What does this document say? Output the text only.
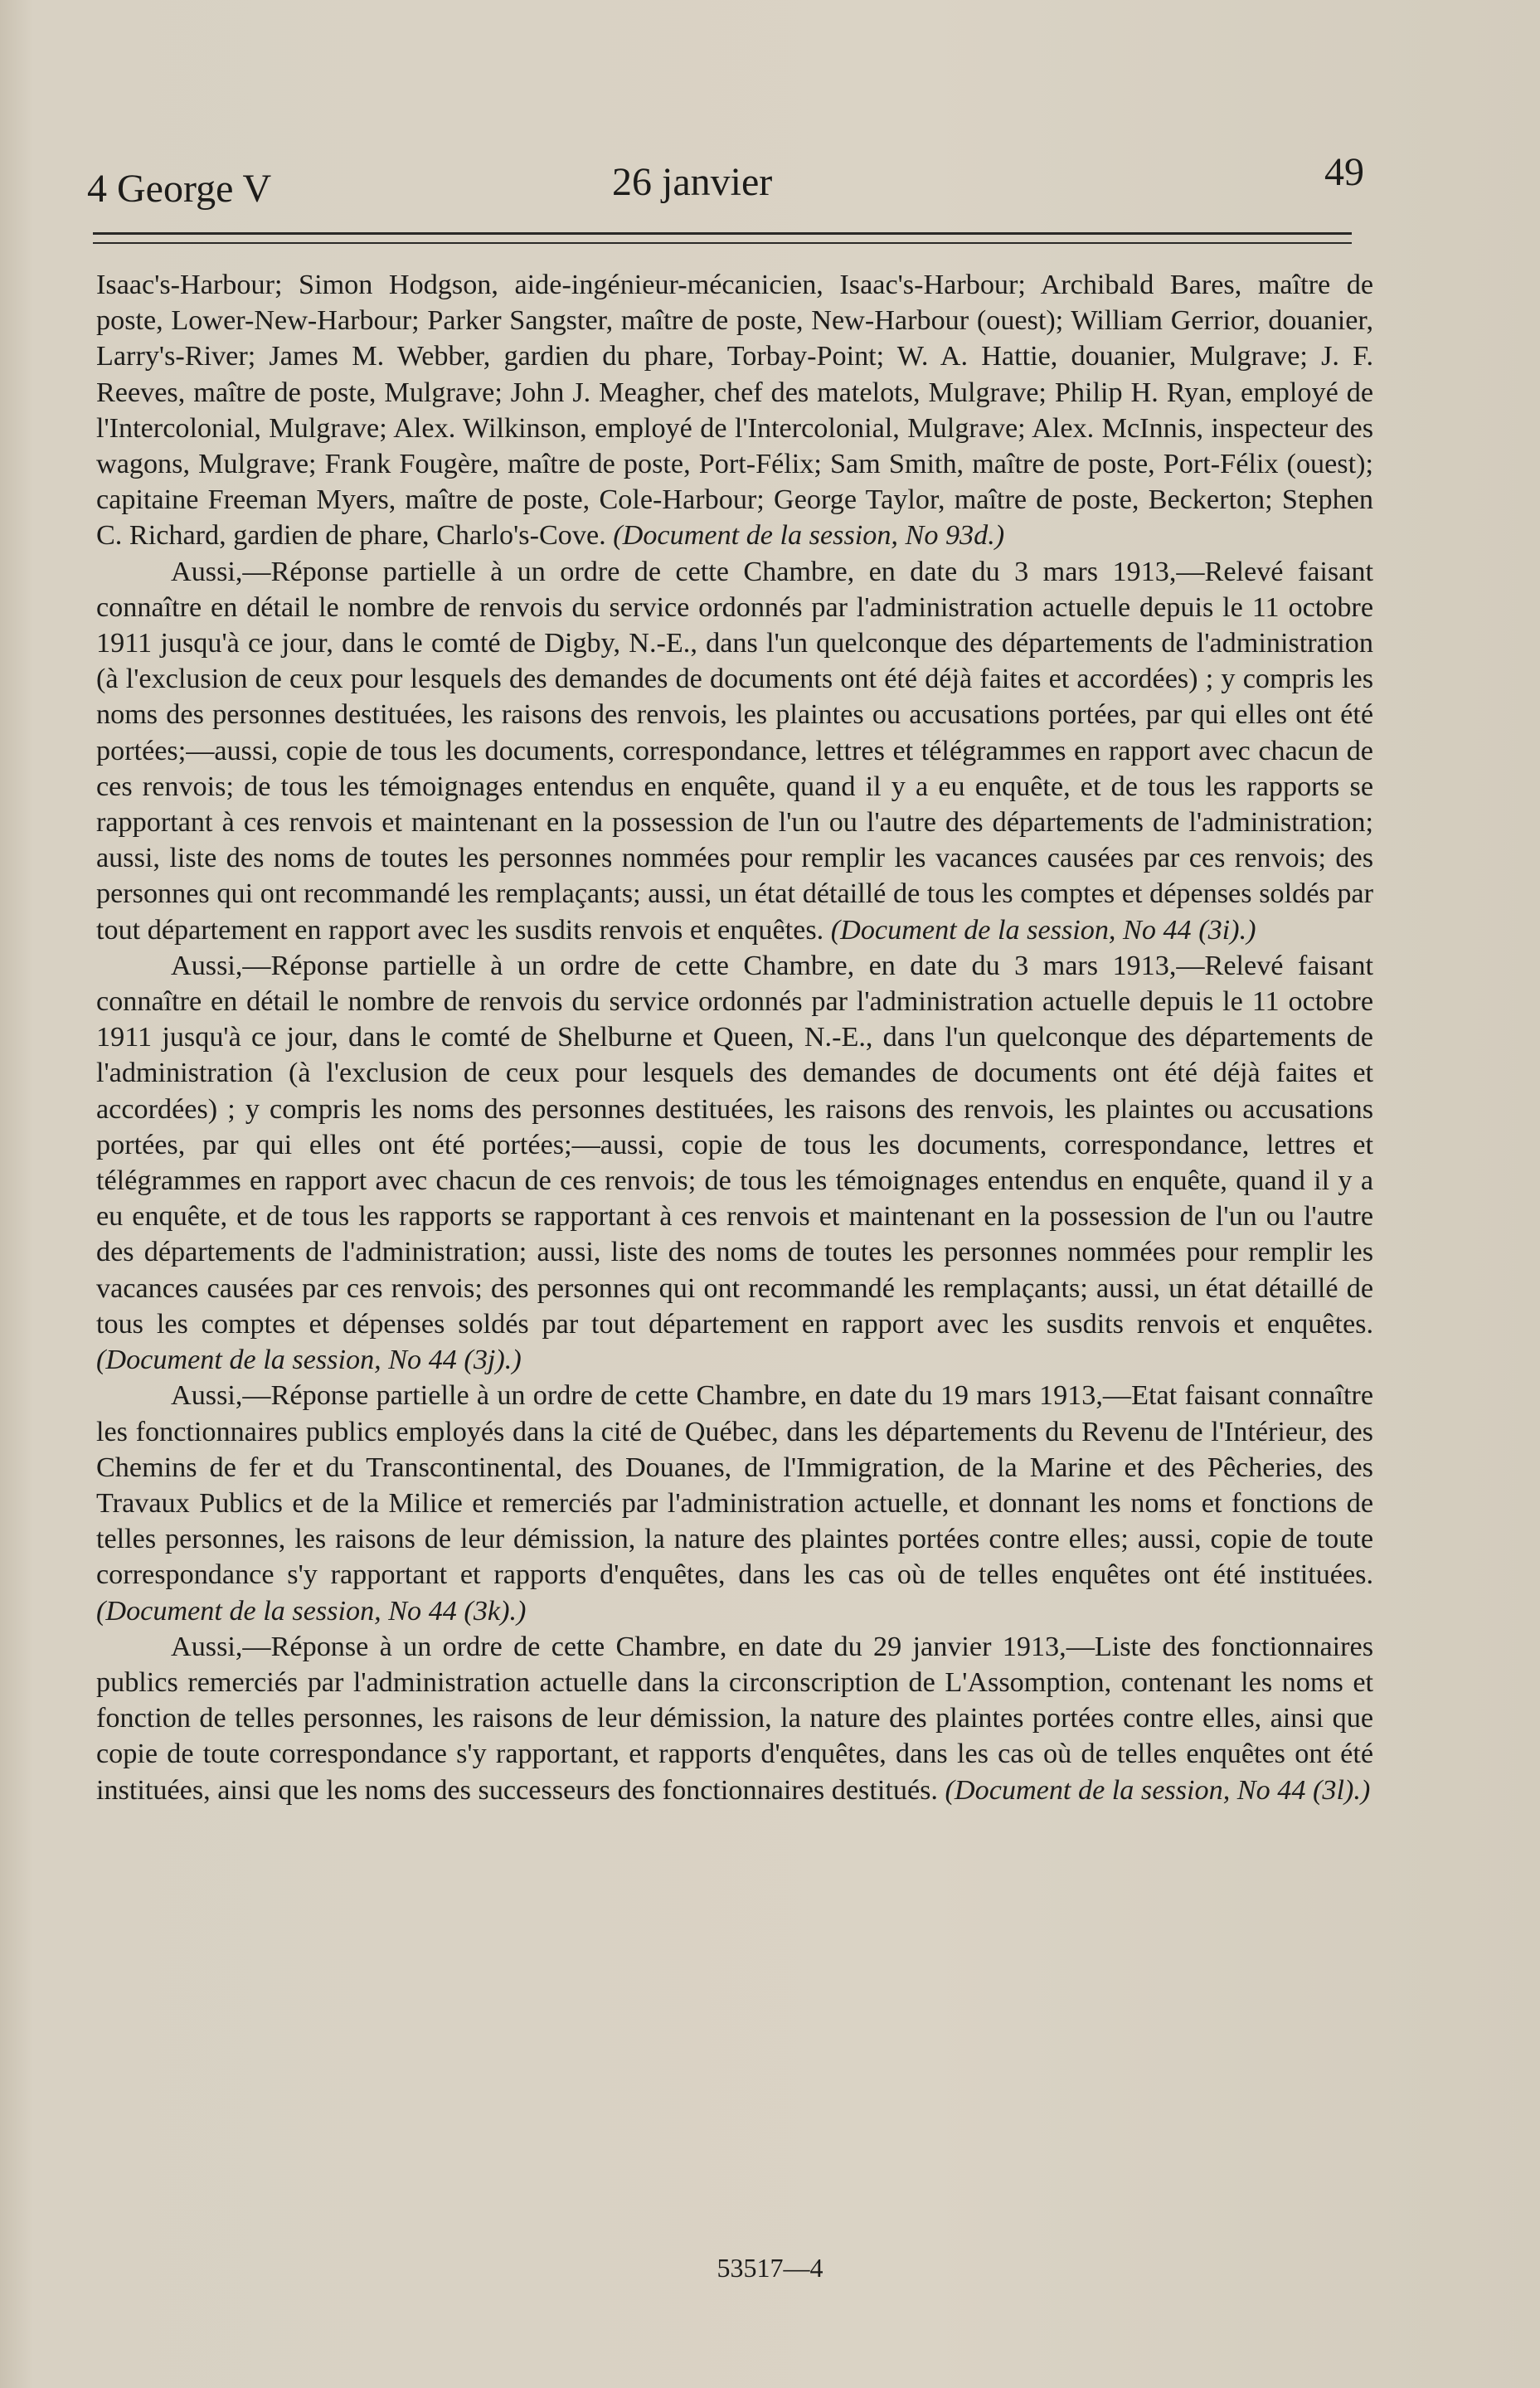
4 George V	26 janvier	49

Isaac's-Harbour; Simon Hodgson, aide-ingénieur-mécanicien, Isaac's-Harbour; Archibald Bares, maître de poste, Lower-New-Harbour; Parker Sangster, maître de poste, New-Harbour (ouest); William Gerrior, douanier, Larry's-River; James M. Webber, gardien du phare, Torbay-Point; W. A. Hattie, douanier, Mulgrave; J. F. Reeves, maître de poste, Mulgrave; John J. Meagher, chef des matelots, Mulgrave; Philip H. Ryan, employé de l'Intercolonial, Mulgrave; Alex. Wilkinson, employé de l'Intercolonial, Mulgrave; Alex. McInnis, inspecteur des wagons, Mulgrave; Frank Fougère, maître de poste, Port-Félix; Sam Smith, maître de poste, Port-Félix (ouest); capitaine Freeman Myers, maître de poste, Cole-Harbour; George Taylor, maître de poste, Beckerton; Stephen C. Richard, gardien de phare, Charlo's-Cove. (Document de la session, No 93d.)

Aussi,—Réponse partielle à un ordre de cette Chambre, en date du 3 mars 1913,—Relevé faisant connaître en détail le nombre de renvois du service ordonnés par l'administration actuelle depuis le 11 octobre 1911 jusqu'à ce jour, dans le comté de Digby, N.-E., dans l'un quelconque des départements de l'administration (à l'exclusion de ceux pour lesquels des demandes de documents ont été déjà faites et accordées) ; y compris les noms des personnes destituées, les raisons des renvois, les plaintes ou accusations portées, par qui elles ont été portées;—aussi, copie de tous les documents, correspondance, lettres et télégrammes en rapport avec chacun de ces renvois; de tous les témoignages entendus en enquête, quand il y a eu enquête, et de tous les rapports se rapportant à ces renvois et maintenant en la possession de l'un ou l'autre des départements de l'administration; aussi, liste des noms de toutes les personnes nommées pour remplir les vacances causées par ces renvois; des personnes qui ont recommandé les remplaçants; aussi, un état détaillé de tous les comptes et dépenses soldés par tout département en rapport avec les susdits renvois et enquêtes. (Document de la session, No 44 (3i).)

Aussi,—Réponse partielle à un ordre de cette Chambre, en date du 3 mars 1913,—Relevé faisant connaître en détail le nombre de renvois du service ordonnés par l'administration actuelle depuis le 11 octobre 1911 jusqu'à ce jour, dans le comté de Shelburne et Queen, N.-E., dans l'un quelconque des départements de l'administration (à l'exclusion de ceux pour lesquels des demandes de documents ont été déjà faites et accordées) ; y compris les noms des personnes destituées, les raisons des renvois, les plaintes ou accusations portées, par qui elles ont été portées;—aussi, copie de tous les documents, correspondance, lettres et télégrammes en rapport avec chacun de ces renvois; de tous les témoignages entendus en enquête, quand il y a eu enquête, et de tous les rapports se rapportant à ces renvois et maintenant en la possession de l'un ou l'autre des départements de l'administration; aussi, liste des noms de toutes les personnes nommées pour remplir les vacances causées par ces renvois; des personnes qui ont recommandé les remplaçants; aussi, un état détaillé de tous les comptes et dépenses soldés par tout département en rapport avec les susdits renvois et enquêtes. (Document de la session, No 44 (3j).)

Aussi,—Réponse partielle à un ordre de cette Chambre, en date du 19 mars 1913,—Etat faisant connaître les fonctionnaires publics employés dans la cité de Québec, dans les départements du Revenu de l'Intérieur, des Chemins de fer et du Transcontinental, des Douanes, de l'Immigration, de la Marine et des Pêcheries, des Travaux Publics et de la Milice et remerciés par l'administration actuelle, et donnant les noms et fonctions de telles personnes, les raisons de leur démission, la nature des plaintes portées contre elles; aussi, copie de toute correspondance s'y rapportant et rapports d'enquêtes, dans les cas où de telles enquêtes ont été instituées. (Document de la session, No 44 (3k).)

Aussi,—Réponse à un ordre de cette Chambre, en date du 29 janvier 1913,—Liste des fonctionnaires publics remerciés par l'administration actuelle dans la circonscription de L'Assomption, contenant les noms et fonction de telles personnes, les raisons de leur démission, la nature des plaintes portées contre elles, ainsi que copie de toute correspondance s'y rapportant, et rapports d'enquêtes, dans les cas où de telles enquêtes ont été instituées, ainsi que les noms des successeurs des fonctionnaires destitués. (Document de la session, No 44 (3l).)

53517—4
